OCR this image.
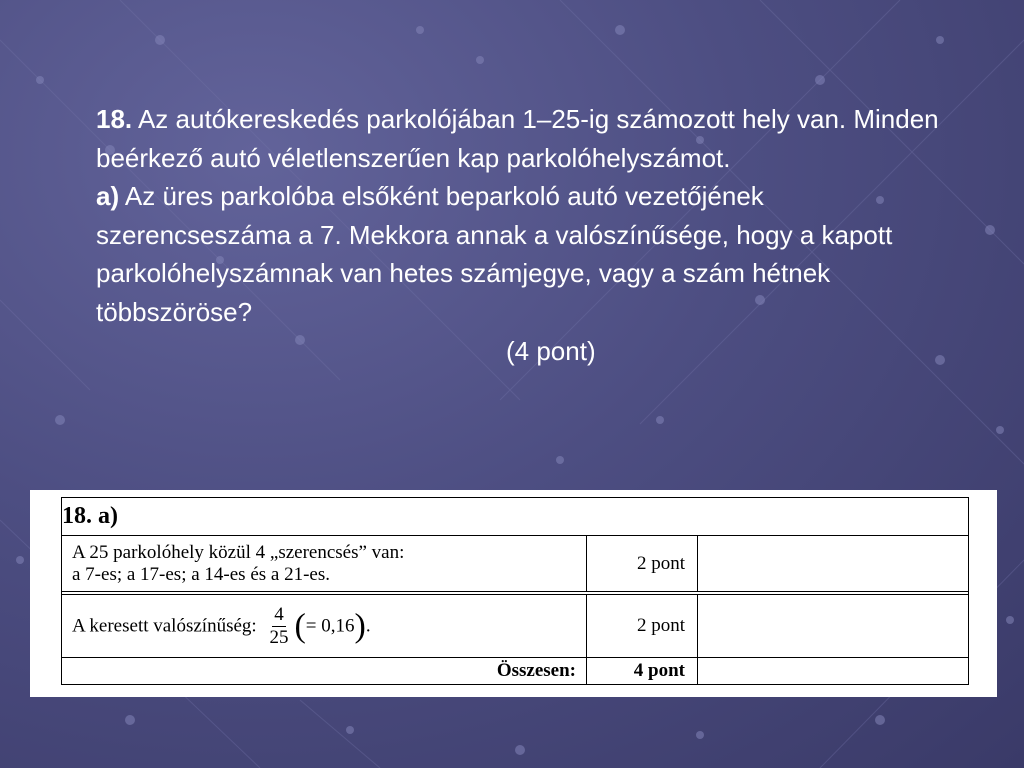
18. Az autókereskedés parkolójában 1–25-ig számozott hely van. Minden beérkező autó véletlenszerűen kap parkolóhelyszámot.

a) Az üres parkolóba elsőként beparkoló autó vezetőjének szerencseszáma a 7. Mekkora annak a valószínűsége, hogy a kapott parkolóhelyszámnak van hetes számjegye, vagy a szám hétnek többszöröse?

(4 pont)

18. a)		

A 25 parkolóhely közül 4 „szerencsés” van:
a 7-es; a 17-es; a 14-es és a 21-es.	2 pont	

A keresett valószínűség: $\frac{4}{25}$ (= 0,16).	2 pont	
Összesen:	4 pont	
